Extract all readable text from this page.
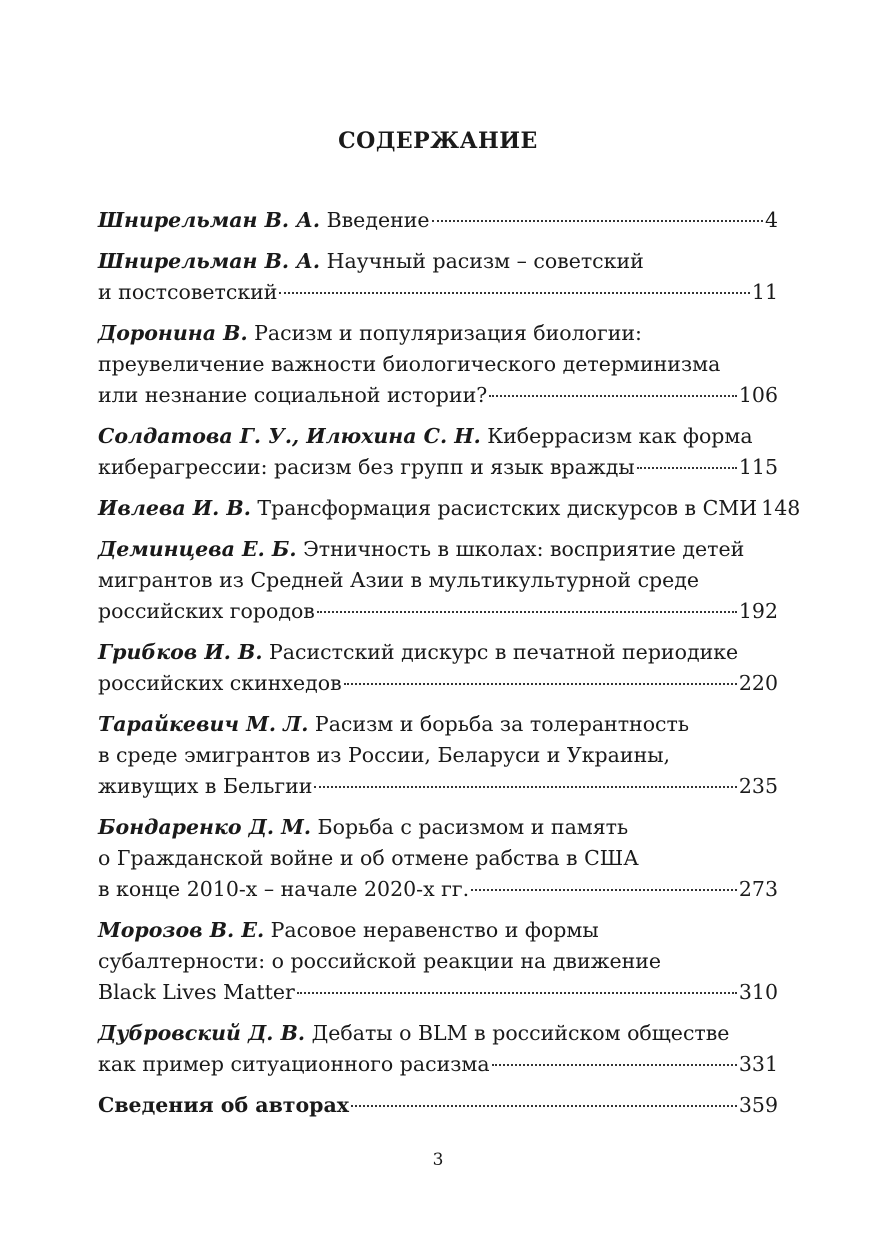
СОДЕРЖАНИЕ
Шнирельман В. А. Введение	4
Шнирельман В. А. Научный расизм – советский
и постсоветский	11
Доронина В. Расизм и популяризация биологии:
преувеличение важности биологического детерминизма
или незнание социальной истории?	106
Солдатова Г. У., Илюхина С. Н. Киберрасизм как форма
киберагрессии: расизм без групп и язык вражды	115
Ивлева И. В. Трансформация расистских дискурсов в СМИ 148
Деминцева Е. Б. Этничность в школах: восприятие детей
мигрантов из Средней Азии в мультикультурной среде
российских городов	192
Грибков И. В. Расистский дискурс в печатной периодике
российских скинхедов	220
Тарайкевич М. Л. Расизм и борьба за толерантность
в среде эмигрантов из России, Беларуси и Украины,
живущих в Бельгии	235
Бондаренко Д. М. Борьба с расизмом и память
о Гражданской войне и об отмене рабства в США
в конце 2010-х – начале 2020-х гг.	273
Морозов В. Е. Расовое неравенство и формы
субалтерности: о российской реакции на движение
Black Lives Matter	310
Дубровский Д. В. Дебаты о BLM в российском обществе
как пример ситуационного расизма	331
Сведения об авторах	359
3
